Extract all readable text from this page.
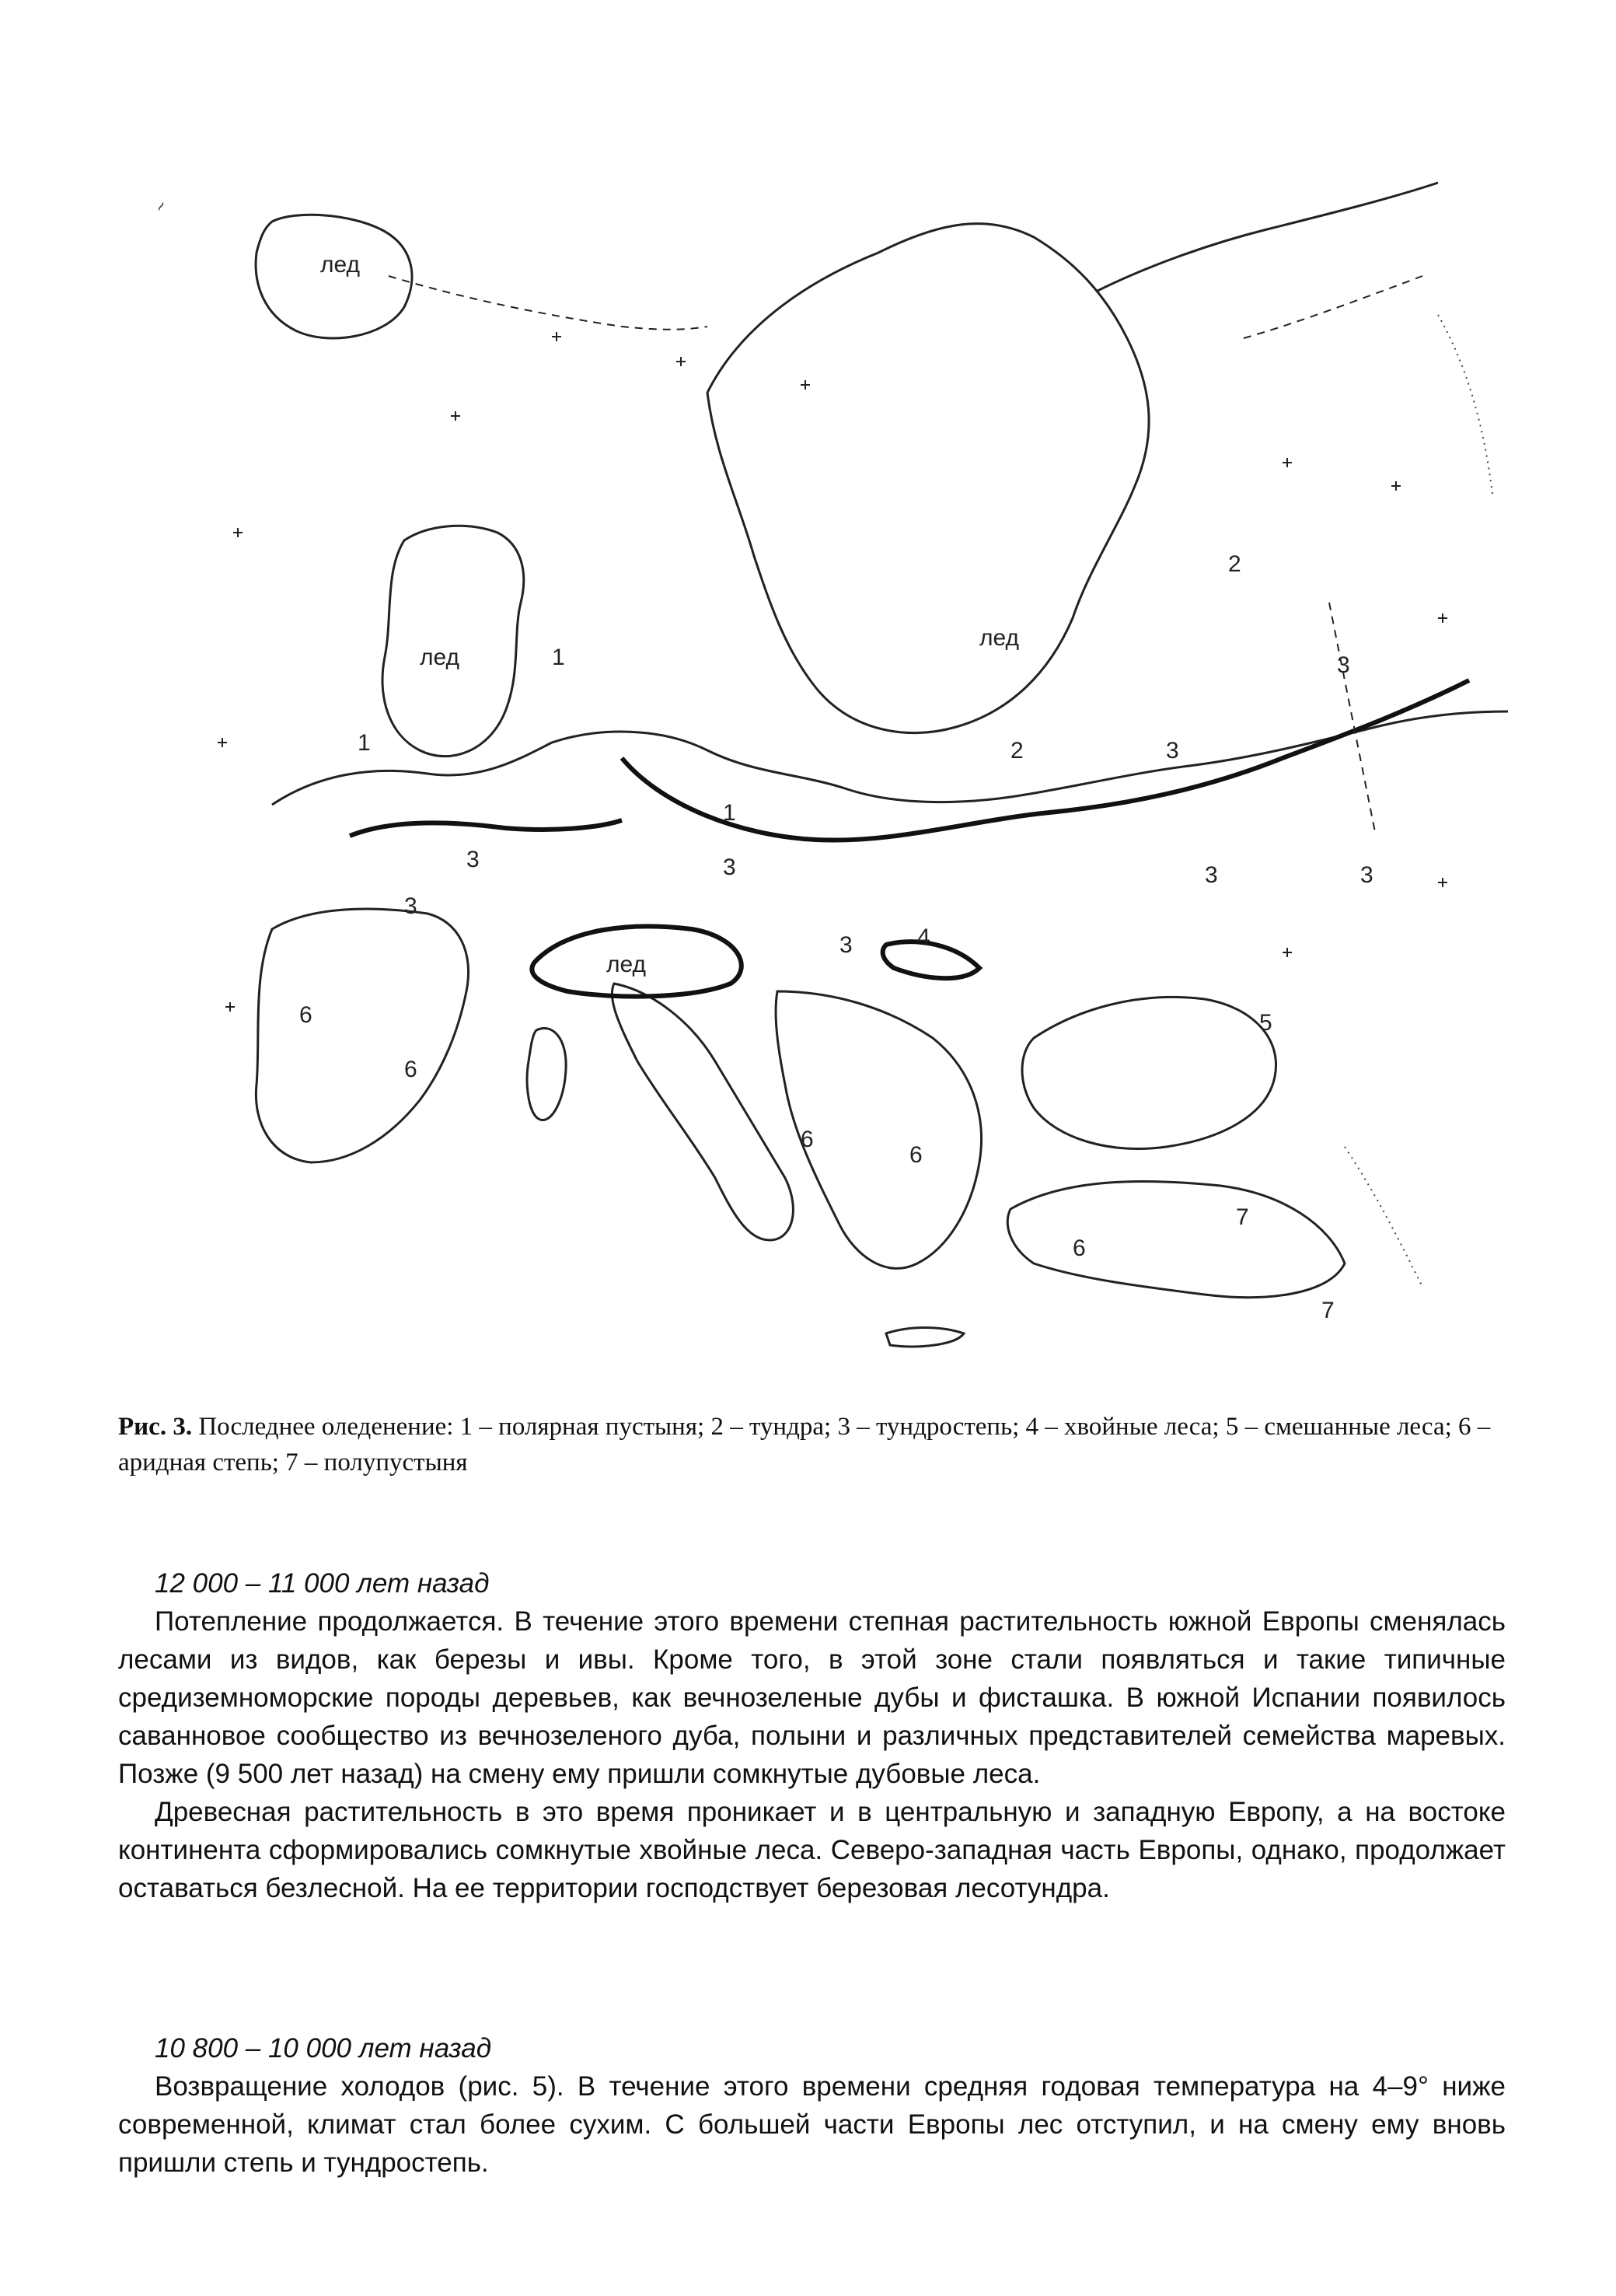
~
лед
лед
лед
лед
1
1
1
2
2	3
3
3
3
3
3
3	3
4
5
6
6
6
6
6
7
7
Рис. 3. Последнее оледенение: 1 – полярная пустыня; 2 – тундра; 3 – тундростепь; 4 – хвойные леса; 5 – смешанные леса; 6 – аридная степь; 7 – полупустыня
12 000 – 11 000 лет назад

Потепление продолжается. В течение этого времени степная растительность южной Европы сменялась лесами из видов, как березы и ивы. Кроме того, в этой зоне стали появляться и такие типичные средиземноморские породы деревьев, как вечнозеленые дубы и фисташка. В южной Испании появилось саванновое сообщество из вечнозеленого дуба, полыни и различных представителей семейства маревых. Позже (9 500 лет назад) на смену ему пришли сомкнутые дубовые леса.

Древесная растительность в это время проникает и в центральную и западную Европу, а на востоке континента сформировались сомкнутые хвойные леса. Северо-западная часть Европы, однако, продолжает оставаться безлесной. На ее территории господствует березовая лесотундра.

10 800 – 10 000 лет назад

Возвращение холодов (рис. 5). В течение этого времени средняя годовая температура на 4–9° ниже современной, климат стал более сухим. С большей части Европы лес отступил, и на смену ему вновь пришли степь и тундростепь.
